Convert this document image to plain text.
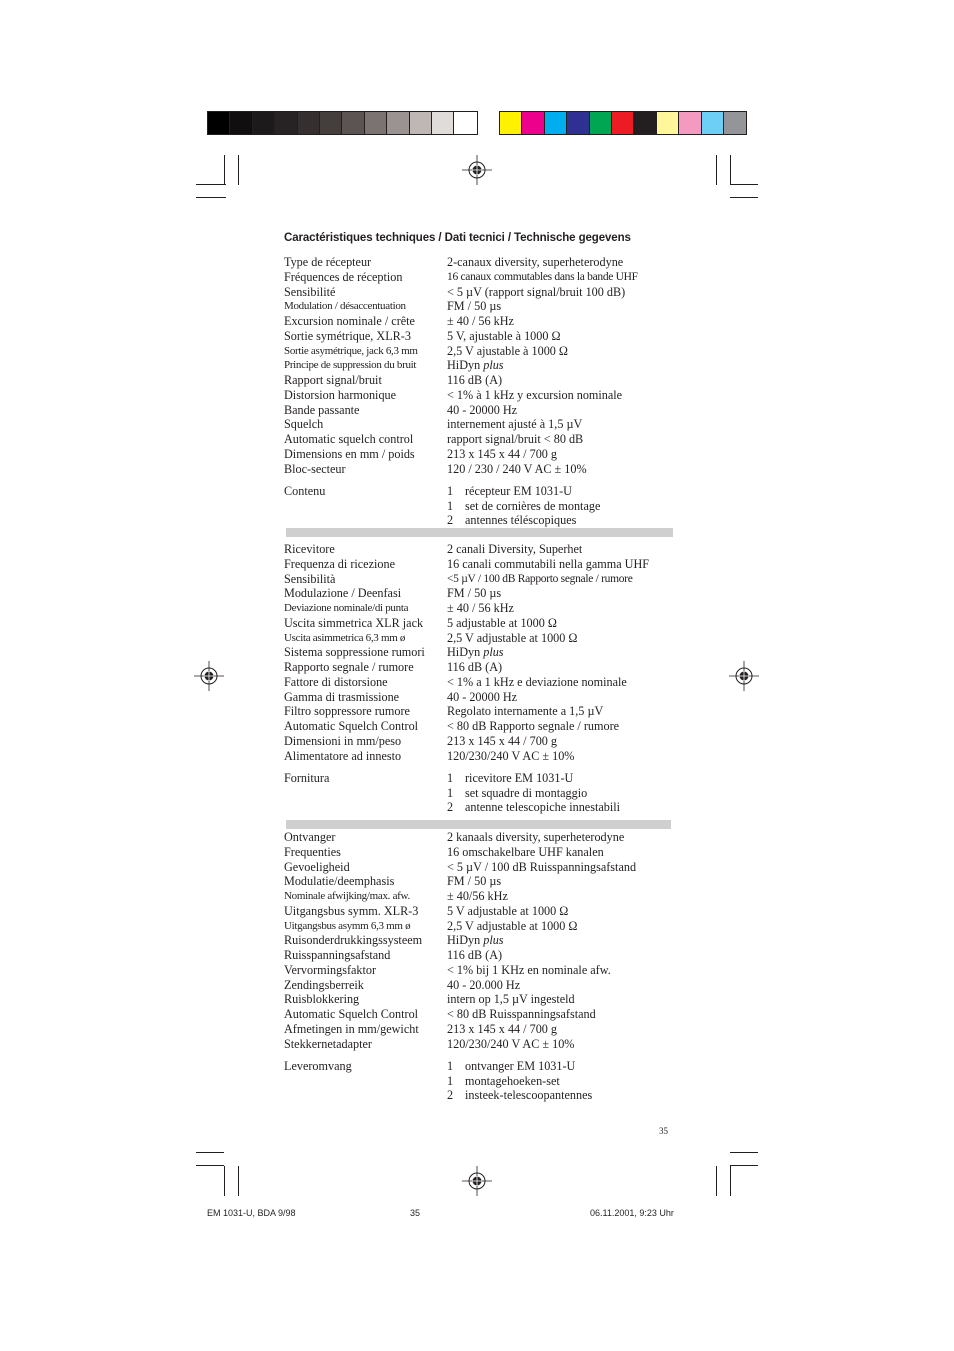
Caractéristiques techniques / Dati tecnici / Technische gegevens
Type de récepteur	2-canaux diversity, superheterodyne
Fréquences de réception	16 canaux commutables dans la bande UHF
Sensibilité	< 5 µV (rapport signal/bruit 100 dB)
Modulation / désaccentuation	FM / 50 µs
Excursion nominale / crête	± 40 / 56 kHz
Sortie symétrique, XLR-3	5 V, ajustable à 1000 Ω
Sortie asymétrique, jack 6,3 mm	2,5 V ajustable à 1000 Ω
Principe de suppression du bruit	HiDyn plus
Rapport signal/bruit	116 dB (A)
Distorsion harmonique	< 1% à 1 kHz y excursion nominale
Bande passante	40 - 20000 Hz
Squelch	internement ajusté à 1,5 µV
Automatic squelch control	rapport signal/bruit < 80 dB
Dimensions en mm / poids	213 x 145 x 44 / 700 g
Bloc-secteur	120 / 230 / 240 V AC ± 10%
Contenu	1 récepteur EM 1031-U
1 set de cornières de montage
2 antennes téléscopiques
Ricevitore	2 canali Diversity, Superhet
Frequenza di ricezione	16 canali commutabili nella gamma UHF
Sensibilità	<5 µV / 100 dB Rapporto segnale / rumore
Modulazione / Deenfasi	FM / 50 µs
Deviazione nominale/di punta	± 40 / 56 kHz
Uscita simmetrica XLR jack	5 adjustable at 1000 Ω
Uscita asimmetrica 6,3 mm ø	2,5 V adjustable at 1000 Ω
Sistema soppressione rumori	HiDyn plus
Rapporto segnale / rumore	116 dB (A)
Fattore di distorsione	< 1% a 1 kHz e deviazione nominale
Gamma di trasmissione	40 - 20000 Hz
Filtro soppressore rumore	Regolato internamente a 1,5 µV
Automatic Squelch Control	< 80 dB Rapporto segnale / rumore
Dimensioni in mm/peso	213 x 145 x 44 / 700 g
Alimentatore ad innesto	120/230/240 V AC ± 10%
Fornitura	1 ricevitore EM 1031-U
1 set squadre di montaggio
2 antenne telescopiche innestabili
Ontvanger	2 kanaals diversity, superheterodyne
Frequenties	16 omschakelbare UHF kanalen
Gevoeligheid	< 5 µV / 100 dB Ruisspanningsafstand
Modulatie/deemphasis	FM / 50 µs
Nominale afwijking/max. afw.	± 40/56 kHz
Uitgangsbus symm. XLR-3	5 V adjustable at 1000 Ω
Uitgangsbus asymm 6,3 mm ø	2,5 V adjustable at 1000 Ω
Ruisonderdrukkingssysteem	HiDyn plus
Ruisspanningsafstand	116 dB (A)
Vervormingsfaktor	< 1% bij 1 KHz en nominale afw.
Zendingsberreik	40 - 20.000 Hz
Ruisblokkering	intern op 1,5 µV ingesteld
Automatic Squelch Control	< 80 dB Ruisspanningsafstand
Afmetingen in mm/gewicht	213 x 145 x 44 / 700 g
Stekkernetadapter	120/230/240 V AC ± 10%
Leveromvang	1 ontvanger EM 1031-U
1 montagehoeken-set
2 insteek-telescoopantennes
35
EM 1031-U, BDA 9/98	35	06.11.2001, 9:23 Uhr
